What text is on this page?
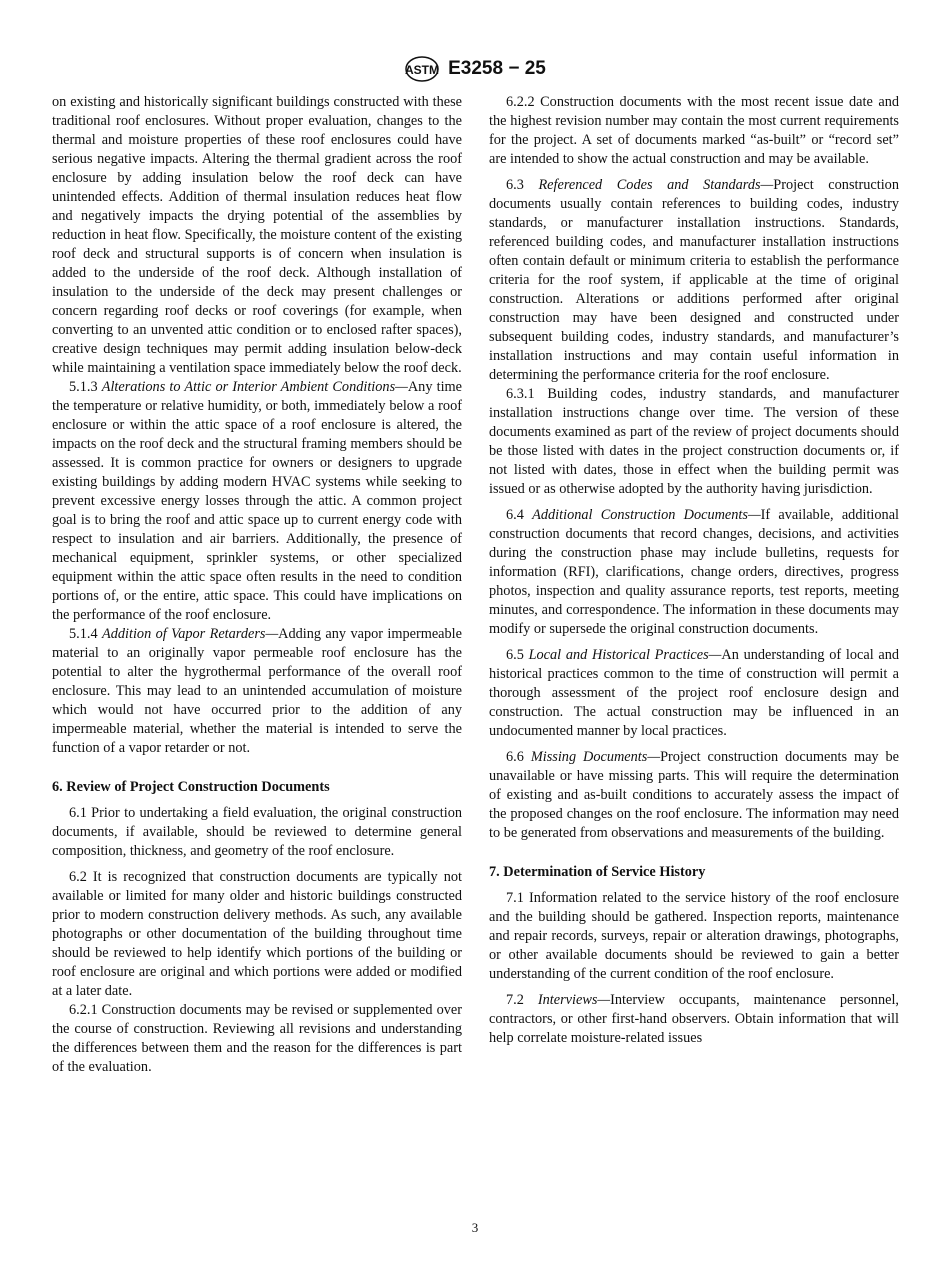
ASTM E3258 − 25

on existing and historically significant buildings constructed with these traditional roof enclosures. Without proper evaluation, changes to the thermal and moisture properties of these roof enclosures could have serious negative impacts. Altering the thermal gradient across the roof enclosure by adding insulation below the roof deck can have unintended effects. Addition of thermal insulation reduces heat flow and negatively impacts the drying potential of the assemblies by reduction in heat flow. Specifically, the moisture content of the existing roof deck and structural supports is of concern when insulation is added to the underside of the roof deck. Although installation of insulation to the underside of the deck may present challenges or concern regarding roof decks or roof coverings (for example, when converting to an unvented attic condition or to enclosed rafter spaces), creative design techniques may permit adding insulation below-deck while maintaining a ventilation space immediately below the roof deck.

5.1.3 Alterations to Attic or Interior Ambient Conditions—Any time the temperature or relative humidity, or both, immediately below a roof enclosure or within the attic space of a roof enclosure is altered, the impacts on the roof deck and the structural framing members should be assessed. It is common practice for owners or designers to upgrade existing buildings by adding modern HVAC systems while seeking to prevent excessive energy losses through the attic. A common project goal is to bring the roof and attic space up to current energy code with respect to insulation and air barriers. Additionally, the presence of mechanical equipment, sprinkler systems, or other specialized equipment within the attic space often results in the need to condition portions of, or the entire, attic space. This could have implications on the performance of the roof enclosure.

5.1.4 Addition of Vapor Retarders—Adding any vapor impermeable material to an originally vapor permeable roof enclosure has the potential to alter the hygrothermal performance of the overall roof enclosure. This may lead to an unintended accumulation of moisture which would not have occurred prior to the addition of any impermeable material, whether the material is intended to serve the function of a vapor retarder or not.

6. Review of Project Construction Documents

6.1 Prior to undertaking a field evaluation, the original construction documents, if available, should be reviewed to determine general composition, thickness, and geometry of the roof enclosure.

6.2 It is recognized that construction documents are typically not available or limited for many older and historic buildings constructed prior to modern construction delivery methods. As such, any available photographs or other documentation of the building throughout time should be reviewed to help identify which portions of the building or roof enclosure are original and which portions were added or modified at a later date.

6.2.1 Construction documents may be revised or supplemented over the course of construction. Reviewing all revisions and understanding the differences between them and the reason for the differences is part of the evaluation.

6.2.2 Construction documents with the most recent issue date and the highest revision number may contain the most current requirements for the project. A set of documents marked “as-built” or “record set” are intended to show the actual construction and may be available.

6.3 Referenced Codes and Standards—Project construction documents usually contain references to building codes, industry standards, or manufacturer installation instructions. Standards, referenced building codes, and manufacturer installation instructions often contain default or minimum criteria to establish the performance criteria for the roof system, if applicable at the time of original construction. Alterations or additions performed after original construction may have been designed and constructed under subsequent building codes, industry standards, and manufacturer’s installation instructions and may contain useful information in determining the performance criteria for the roof enclosure.

6.3.1 Building codes, industry standards, and manufacturer installation instructions change over time. The version of these documents examined as part of the review of project documents should be those listed with dates in the project construction documents or, if not listed with dates, those in effect when the building permit was issued or as otherwise adopted by the authority having jurisdiction.

6.4 Additional Construction Documents—If available, additional construction documents that record changes, decisions, and activities during the construction phase may include bulletins, requests for information (RFI), clarifications, change orders, directives, progress photos, inspection and quality assurance reports, test reports, meeting minutes, and correspondence. The information in these documents may modify or supersede the original construction documents.

6.5 Local and Historical Practices—An understanding of local and historical practices common to the time of construction will permit a thorough assessment of the project roof enclosure design and construction. The actual construction may be influenced in an undocumented manner by local practices.

6.6 Missing Documents—Project construction documents may be unavailable or have missing parts. This will require the determination of existing and as-built conditions to accurately assess the impact of the proposed changes on the roof enclosure. The information may need to be generated from observations and measurements of the building.

7. Determination of Service History

7.1 Information related to the service history of the roof enclosure and the building should be gathered. Inspection reports, maintenance and repair records, surveys, repair or alteration drawings, photographs, or other available documents should be reviewed to gain a better understanding of the current condition of the roof enclosure.

7.2 Interviews—Interview occupants, maintenance personnel, contractors, or other first-hand observers. Obtain information that will help correlate moisture-related issues

3
